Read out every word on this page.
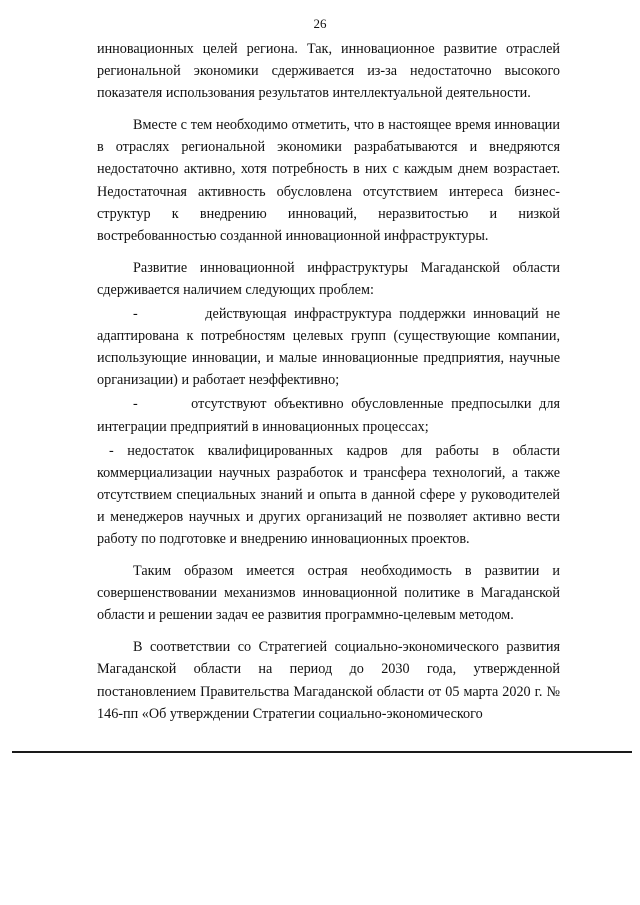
26

инновационных целей региона. Так, инновационное развитие отраслей региональной экономики сдерживается из-за недостаточно высокого показателя использования результатов интеллектуальной деятельности.

Вместе с тем необходимо отметить, что в настоящее время инновации в отраслях региональной экономики разрабатываются и внедряются недостаточно активно, хотя потребность в них с каждым днем возрастает. Недостаточная активность обусловлена отсутствием интереса бизнес-структур к внедрению инноваций, неразвитостью и низкой востребованностью созданной инновационной инфраструктуры.

Развитие инновационной инфраструктуры Магаданской области сдерживается наличием следующих проблем:

-         действующая инфраструктура поддержки инноваций не адаптирована к потребностям целевых групп (существующие компании, использующие инновации, и малые инновационные предприятия, научные организации) и работает неэффективно;

-       отсутствуют объективно обусловленные предпосылки для интеграции предприятий в инновационных процессах;

- недостаток квалифицированных кадров для работы в области коммерциализации научных разработок и трансфера технологий, а также отсутствием специальных знаний и опыта в данной сфере у руководителей и менеджеров научных и других организаций не позволяет активно вести работу по подготовке и внедрению инновационных проектов.

Таким образом имеется острая необходимость в развитии и совершенствовании механизмов инновационной политике в Магаданской области и решении задач ее развития программно-целевым методом.

В соответствии со Стратегией социально-экономического развития Магаданской области на период до 2030 года, утвержденной постановлением Правительства Магаданской области от 05 марта 2020 г. № 146-пп «Об утверждении Стратегии социально-экономического
